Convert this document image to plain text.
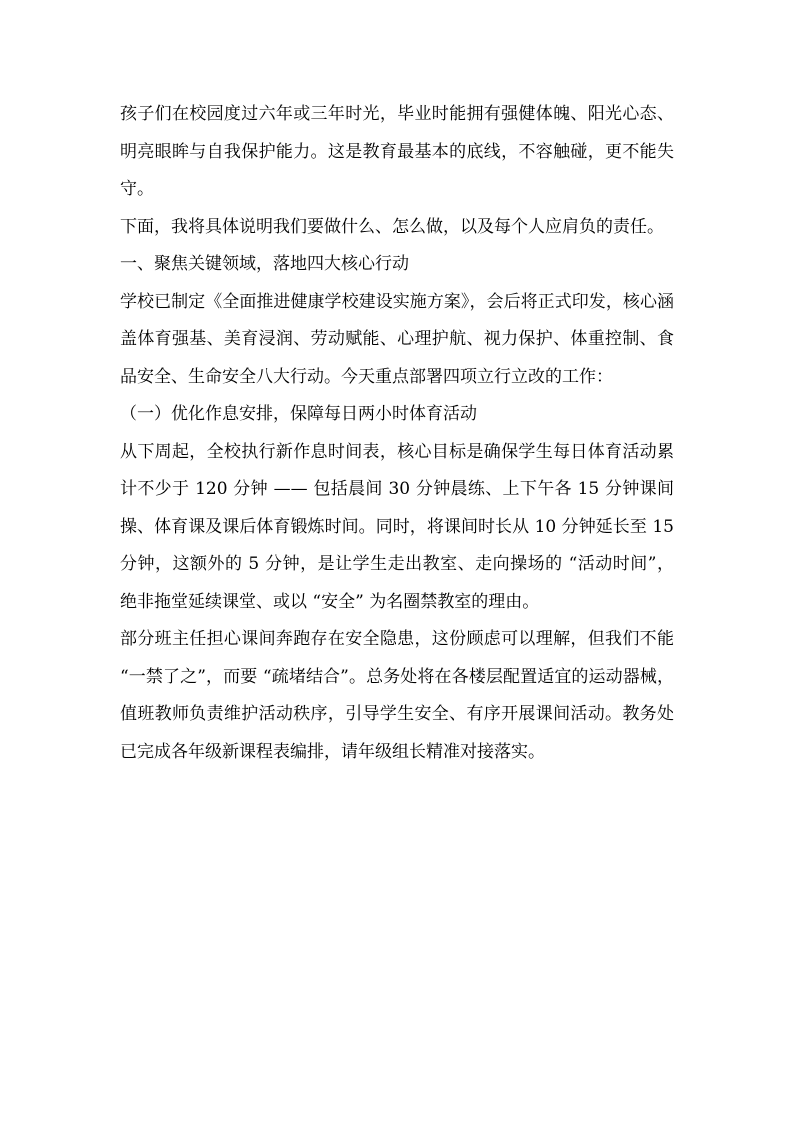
孩子们在校园度过六年或三年时光，毕业时能拥有强健体魄、阳光心态、明亮眼眸与自我保护能力。这是教育最基本的底线，不容触碰，更不能失守。

下面，我将具体说明我们要做什么、怎么做，以及每个人应肩负的责任。

一、聚焦关键领域，落地四大核心行动

学校已制定《全面推进健康学校建设实施方案》，会后将正式印发，核心涵盖体育强基、美育浸润、劳动赋能、心理护航、视力保护、体重控制、食品安全、生命安全八大行动。今天重点部署四项立行立改的工作：

（一）优化作息安排，保障每日两小时体育活动

从下周起，全校执行新作息时间表，核心目标是确保学生每日体育活动累计不少于 120 分钟 —— 包括晨间 30 分钟晨练、上下午各 15 分钟课间操、体育课及课后体育锻炼时间。同时，将课间时长从 10 分钟延长至 15 分钟，这额外的 5 分钟，是让学生走出教室、走向操场的 “活动时间”，绝非拖堂延续课堂、或以 “安全” 为名圈禁教室的理由。

部分班主任担心课间奔跑存在安全隐患，这份顾虑可以理解，但我们不能 “一禁了之”，而要 “疏堵结合”。总务处将在各楼层配置适宜的运动器械，值班教师负责维护活动秩序，引导学生安全、有序开展课间活动。教务处已完成各年级新课程表编排，请年级组长精准对接落实。
